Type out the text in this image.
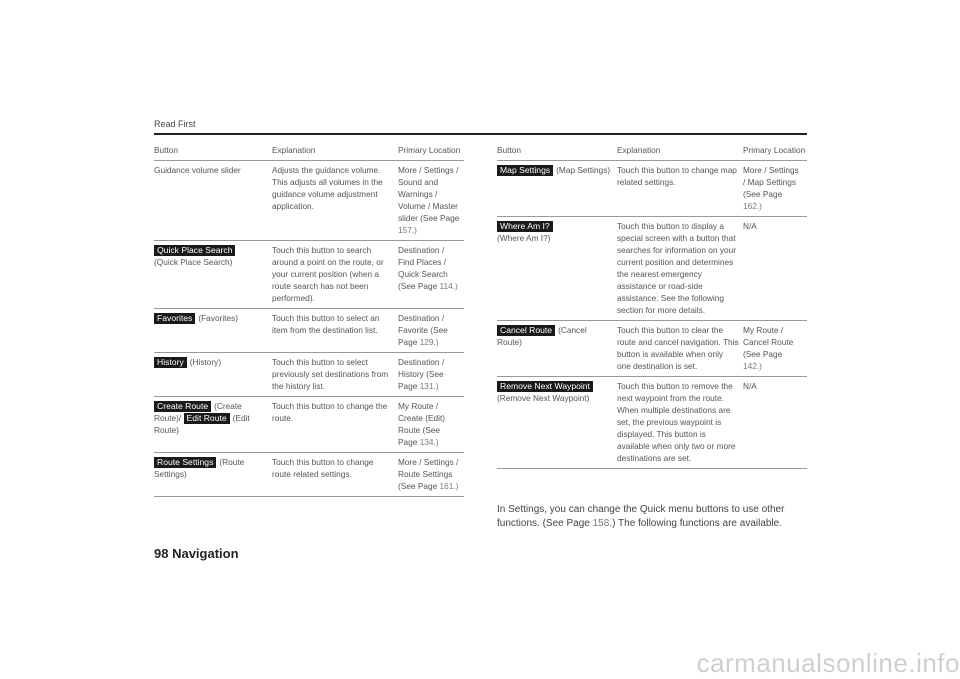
Read First
Button	Explanation	Primary Location
Guidance volume slider	Adjusts the guidance volume. This adjusts all volumes in the guidance volume adjustment application.	More / Settings / Sound and Warnings / Volume / Master slider (See Page 157.)
Quick Place Search
(Quick Place Search)	Touch this button to search around a point on the route, or your current position (when a route search has not been performed).	Destination / Find Places / Quick Search (See Page 114.)
Favorites (Favorites)	Touch this button to select an item from the destination list.	Destination / Favorite (See Page 129.)
History (History)	Touch this button to select previously set destinations from the history list.	Destination / History (See Page 131.)
Create Route (Create Route)/ Edit Route (Edit Route)	Touch this button to change the route.	My Route / Create (Edit) Route (See Page 134.)
Route Settings (Route Settings)	Touch this button to change route related settings.	More / Settings / Route Settings (See Page 161.)
Button	Explanation	Primary Location
Map Settings (Map Settings)	Touch this button to change map related settings.	More / Settings / Map Settings (See Page 162.)
Where Am I?
(Where Am I?)	Touch this button to display a special screen with a button that searches for information on your current position and determines the nearest emergency assistance or road-side assistance. See the following section for more details.	N/A
Cancel Route (Cancel Route)	Touch this button to clear the route and cancel navigation. This button is available when only one destination is set.	My Route / Cancel Route (See Page 142.)
Remove Next Waypoint
(Remove Next Waypoint)	Touch this button to remove the next waypoint from the route. When multiple destinations are set, the previous waypoint is displayed. This button is available when only two or more destinations are set.	N/A
In Settings, you can change the Quick menu buttons to use other functions. (See Page 158.) The following functions are available.
98 Navigation
carmanualsonline.info
